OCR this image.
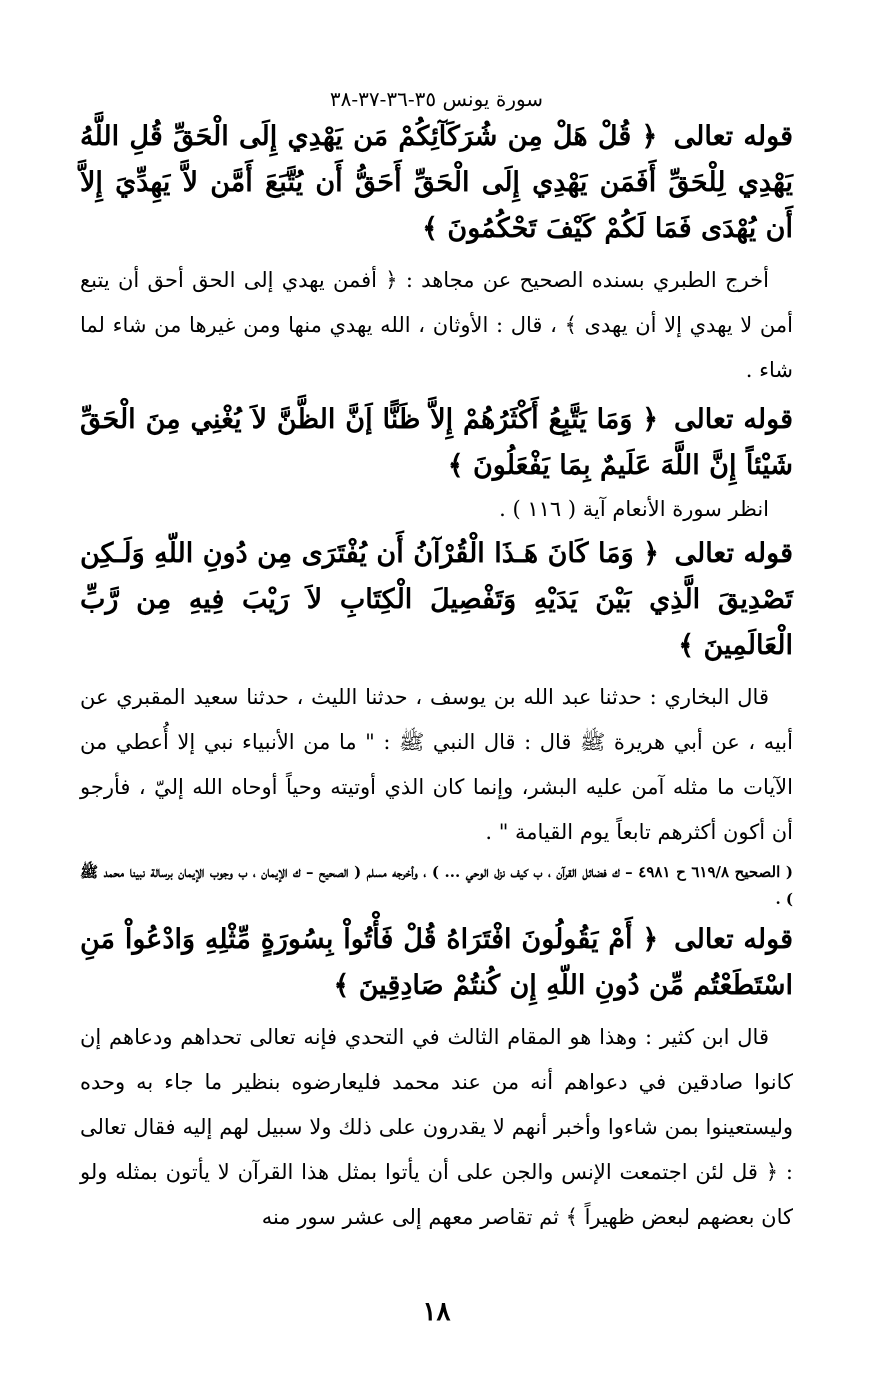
سورة يونس ٣٥-٣٦-٣٧-٣٨
قوله تعالى ﴿ قُلْ هَلْ مِن شُرَكَآئِكُمْ مَن يَهْدِي إِلَى الْحَقِّ قُلِ اللَّهُ يَهْدِي لِلْحَقِّ أَفَمَن يَهْدِي إِلَى الْحَقِّ أَحَقُّ أَن يُتَّبَعَ أَمَّن لاَّ يَهِدِّيَ إِلاَّ أَن يُهْدَى فَمَا لَكُمْ كَيْفَ تَحْكُمُونَ ﴾
أخرج الطبري بسنده الصحيح عن مجاهد : ﴿ أفمن يهدي إلى الحق أحق أن يتبع أمن لا يهدي إلا أن يهدى ﴾ ، قال : الأوثان ، الله يهدي منها ومن غيرها من شاء لما شاء .
قوله تعالى ﴿ وَمَا يَتَّبِعُ أَكْثَرُهُمْ إِلاَّ ظَنًّا إَنَّ الظَّنَّ لاَ يُغْنِي مِنَ الْحَقِّ شَيْئاً إِنَّ اللَّهَ عَلَيمٌ بِمَا يَفْعَلُونَ ﴾
انظر سورة الأنعام آية ( ١١٦ ) .
قوله تعالى ﴿ وَمَا كَانَ هَـذَا الْقُرْآنُ أَن يُفْتَرَى مِن دُونِ اللّهِ وَلَـكِن تَصْدِيقَ الَّذِي بَيْنَ يَدَيْهِ وَتَفْصِيلَ الْكِتَابِ لاَ رَيْبَ فِيهِ مِن رَّبِّ الْعَالَمِينَ ﴾
قال البخاري : حدثنا عبد الله بن يوسف ، حدثنا الليث ، حدثنا سعيد المقبري عن أبيه ، عن أبي هريرة ﷺ قال : قال النبي ﷺ : " ما من الأنبياء نبي إلا أُعطي من الآيات ما مثله آمن عليه البشر، وإنما كان الذي أوتيته وحياً أوحاه الله إليّ ، فأرجو أن أكون أكثرهم تابعاً يوم القيامة " .
( الصحيح ٦١٩/٨ ح ٤٩٨١ – ك فضائل القرآن ، ب كيف نزل الوحي ... ) ، وأخرجه مسلم ( الصحيح – ك الإيمان ، ب وجوب الإيمان برسالة نبينا محمد ﷺ ) .
قوله تعالى ﴿ أَمْ يَقُولُونَ افْتَرَاهُ قُلْ فَأْتُواْ بِسُورَةٍ مِّثْلِهِ وَادْعُواْ مَنِ اسْتَطَعْتُم مِّن دُونِ اللّهِ إِن كُنتُمْ صَادِقِينَ ﴾
قال ابن كثير : وهذا هو المقام الثالث في التحدي فإنه تعالى تحداهم ودعاهم إن كانوا صادقين في دعواهم أنه من عند محمد فليعارضوه بنظير ما جاء به وحده وليستعينوا بمن شاءوا وأخبر أنهم لا يقدرون على ذلك ولا سبيل لهم إليه فقال تعالى : ﴿ قل لئن اجتمعت الإنس والجن على أن يأتوا بمثل هذا القرآن لا يأتون بمثله ولو كان بعضهم لبعض ظهيراً ﴾ ثم تقاصر معهم إلى عشر سور منه
١٨
